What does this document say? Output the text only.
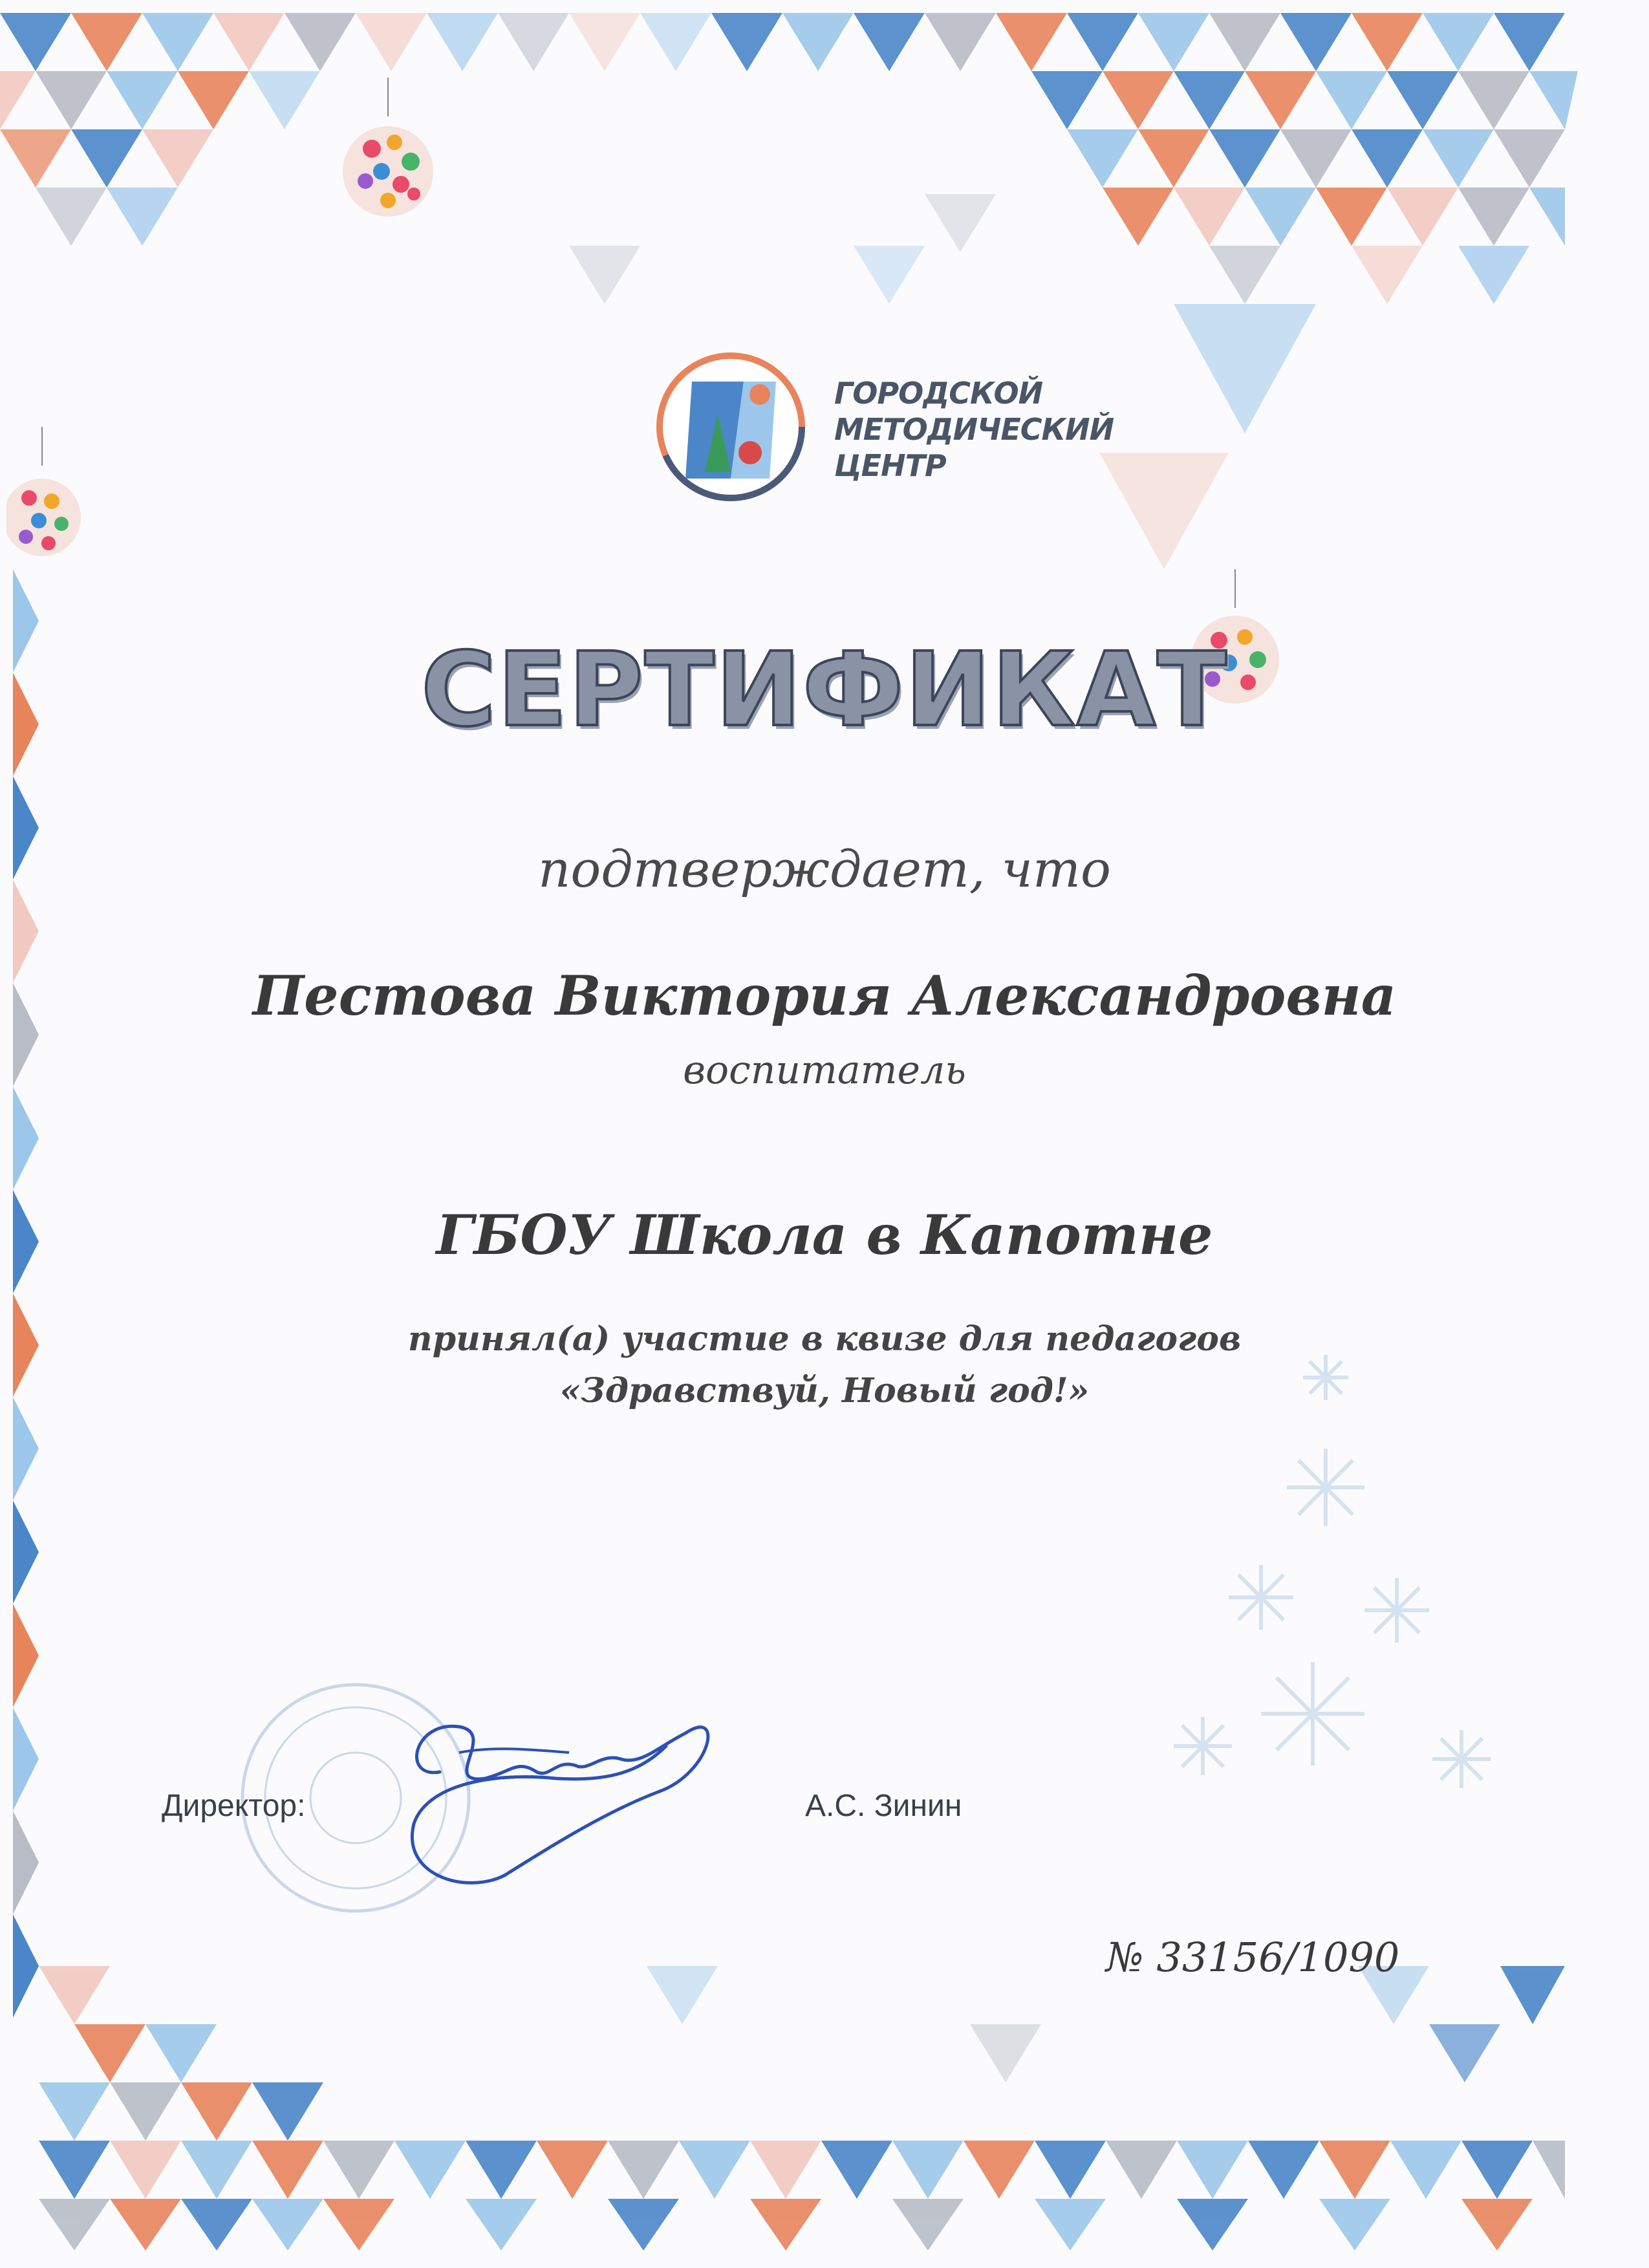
ГОРОДСКОЙ
МЕТОДИЧЕСКИЙ
ЦЕНТР
СЕРТИФИКАТ
подтверждает, что
Пестова Виктория Александровна
воспитатель
ГБОУ Школа в Капотне
принял(а) участие в квизе для педагогов
«Здравствуй, Новый год!»
Директор:	А.С. Зинин
№ 33156/1090
